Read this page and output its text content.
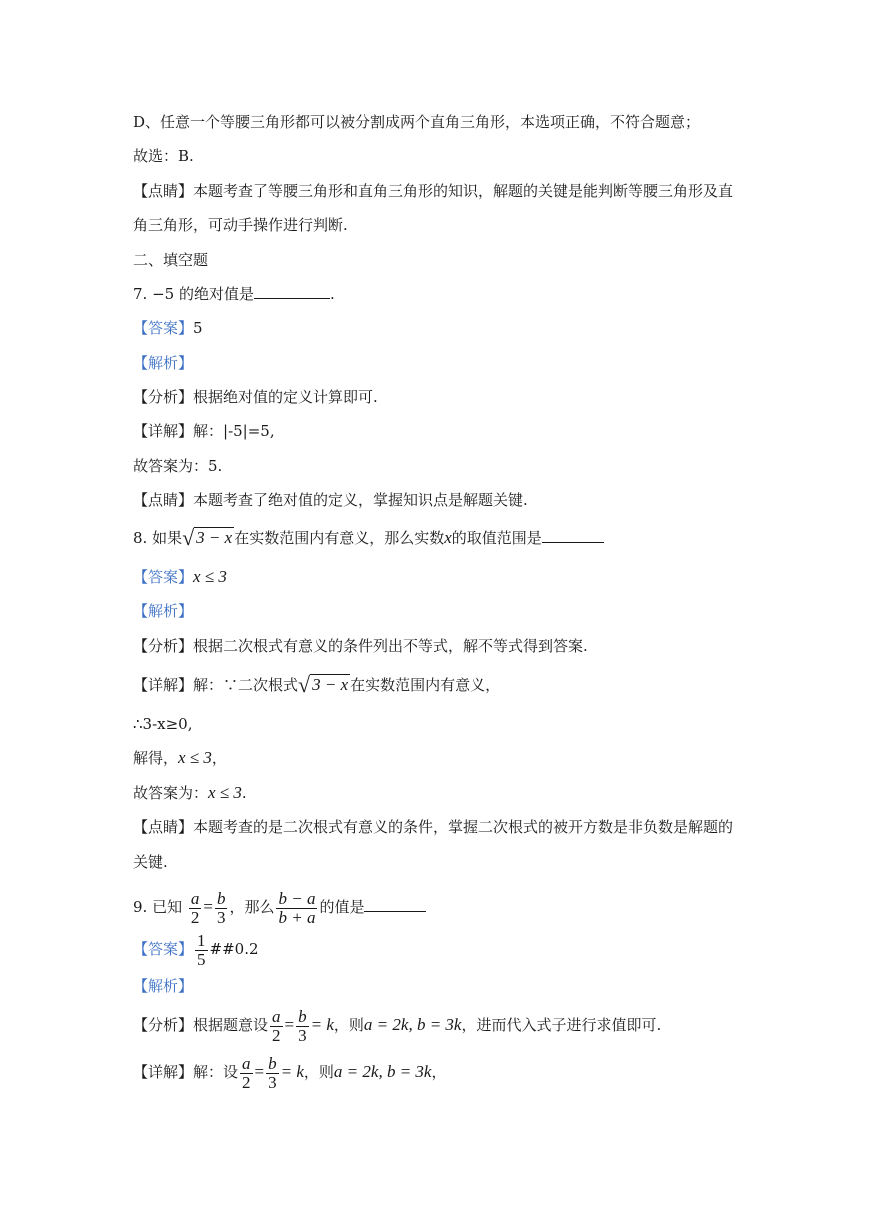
D、任意一个等腰三角形都可以被分割成两个直角三角形，本选项正确，不符合题意；
故选：B.
【点睛】本题考查了等腰三角形和直角三角形的知识，解题的关键是能判断等腰三角形及直
角三角形，可动手操作进行判断.
二、填空题
7. −5 的绝对值是	.
【答案】5
【解析】
【分析】根据绝对值的定义计算即可.
【详解】解：|-5|=5,
故答案为：5.
【点睛】本题考查了绝对值的定义，掌握知识点是解题关键.
8. 如果√ 3 − x 在实数范围内有意义，那么实数x的取值范围是
【答案】x ≤ 3
【解析】
【分析】根据二次根式有意义的条件列出不等式，解不等式得到答案.
【详解】解：∵二次根式√ 3 − x 在实数范围内有意义，
∴3-x≥0,
解得，x ≤ 3，
故答案为：x ≤ 3.
【点睛】本题考查的是二次根式有意义的条件，掌握二次根式的被开方数是非负数是解题的
关键.
9. 已知 $\frac{a}{2} = \frac{b}{3}$ ，那么 $\frac{b - a}{b + a}$ 的值是
【答案】 $\frac{1}{5}$ ##0.2
【解析】
【分析】根据题意设 $\frac{a}{2} = \frac{b}{3} = k$，则a = 2k, b = 3k，进而代入式子进行求值即可.
【详解】解：设 $\frac{a}{2} = \frac{b}{3} = k$，则a = 2k, b = 3k，
